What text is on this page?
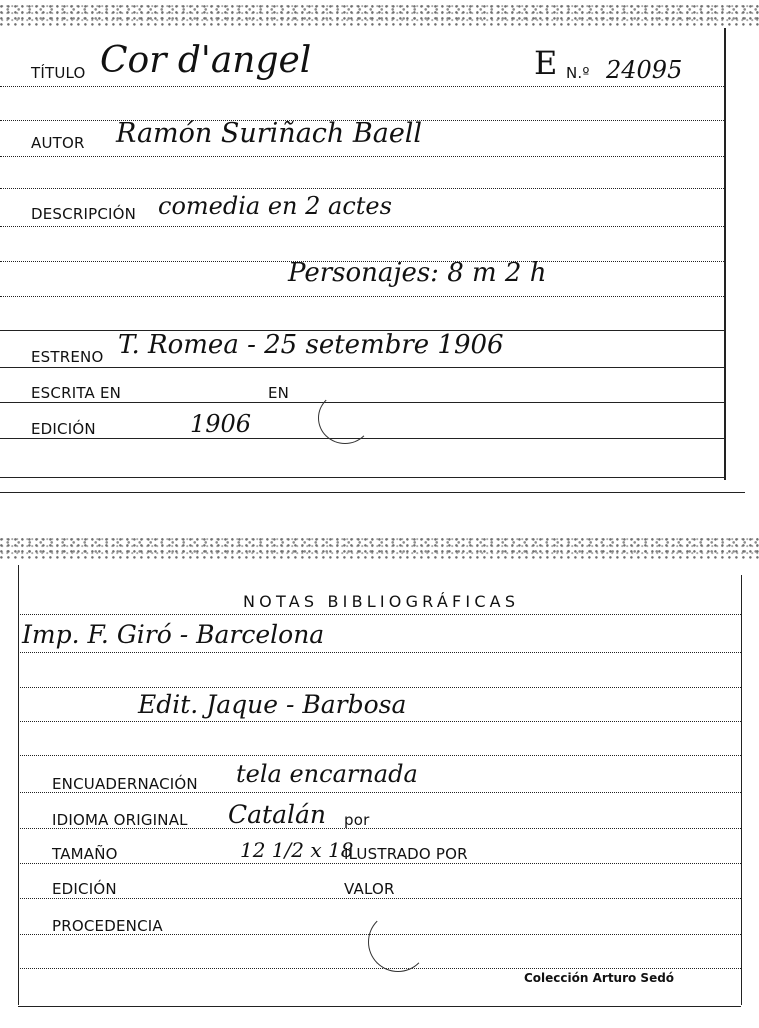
TÍTULO Cor d'angel	E N.º 24095
AUTOR Ramón Suriñach Baell
DESCRIPCIÓN comedia en 2 actes
Personajes: 8 m 2 h
ESTRENO T. Romea - 25 setembre 1906
ESCRITA EN	EN
EDICIÓN	1906
NOTAS BIBLIOGRÁFICAS
Imp. F. Giró - Barcelona
Edit. Jaque - Barbosa
ENCUADERNACIÓN tela encarnada
IDIOMA ORIGINAL Catalán por
TAMAÑO	12 1/2 x 18
ILUSTRADO POR
EDICIÓN	VALOR
PROCEDENCIA
Colección Arturo Sedó
